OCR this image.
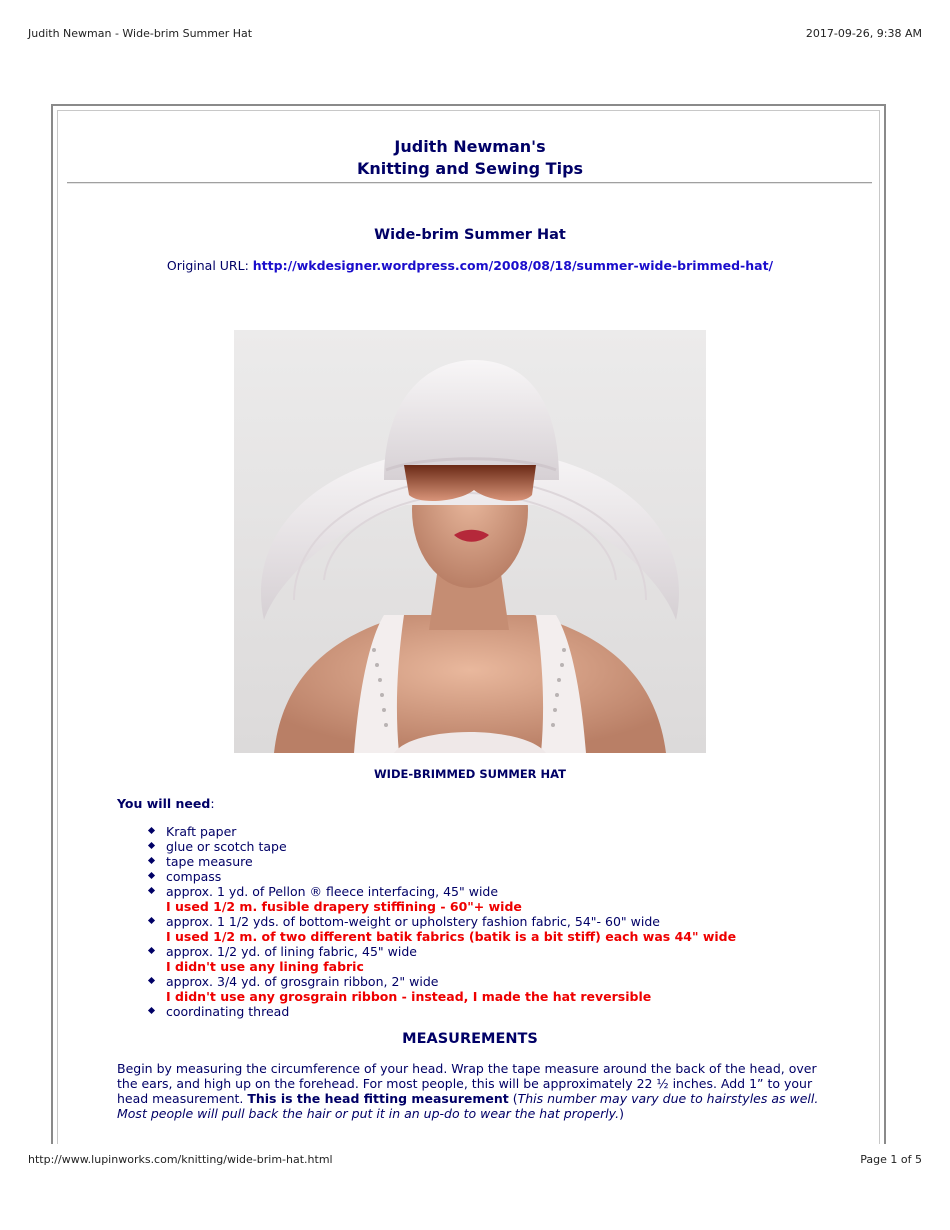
Judith Newman - Wide-brim Summer Hat	2017-09-26, 9:38 AM
Judith Newman's
Knitting and Sewing Tips
Wide-brim Summer Hat
Original URL: http://wkdesigner.wordpress.com/2008/08/18/summer-wide-brimmed-hat/
WIDE-BRIMMED SUMMER HAT
You will need:
Kraft paper
glue or scotch tape
tape measure
compass
approx. 1 yd. of Pellon ® fleece interfacing, 45" wide
I used 1/2 m. fusible drapery stiffining - 60"+ wide
approx. 1 1/2 yds. of bottom-weight or upholstery fashion fabric, 54"- 60" wide
I used 1/2 m. of two different batik fabrics (batik is a bit stiff) each was 44" wide
approx. 1/2 yd. of lining fabric, 45" wide
I didn't use any lining fabric
approx. 3/4 yd. of grosgrain ribbon, 2" wide
I didn't use any grosgrain ribbon - instead, I made the hat reversible
coordinating thread
MEASUREMENTS
Begin by measuring the circumference of your head. Wrap the tape measure around the back of the head, over the ears, and high up on the forehead. For most people, this will be approximately 22 ½ inches. Add 1” to your head measurement. This is the head fitting measurement (This number may vary due to hairstyles as well. Most people will pull back the hair or put it in an up-do to wear the hat properly.)
http://www.lupinworks.com/knitting/wide-brim-hat.html	Page 1 of 5
